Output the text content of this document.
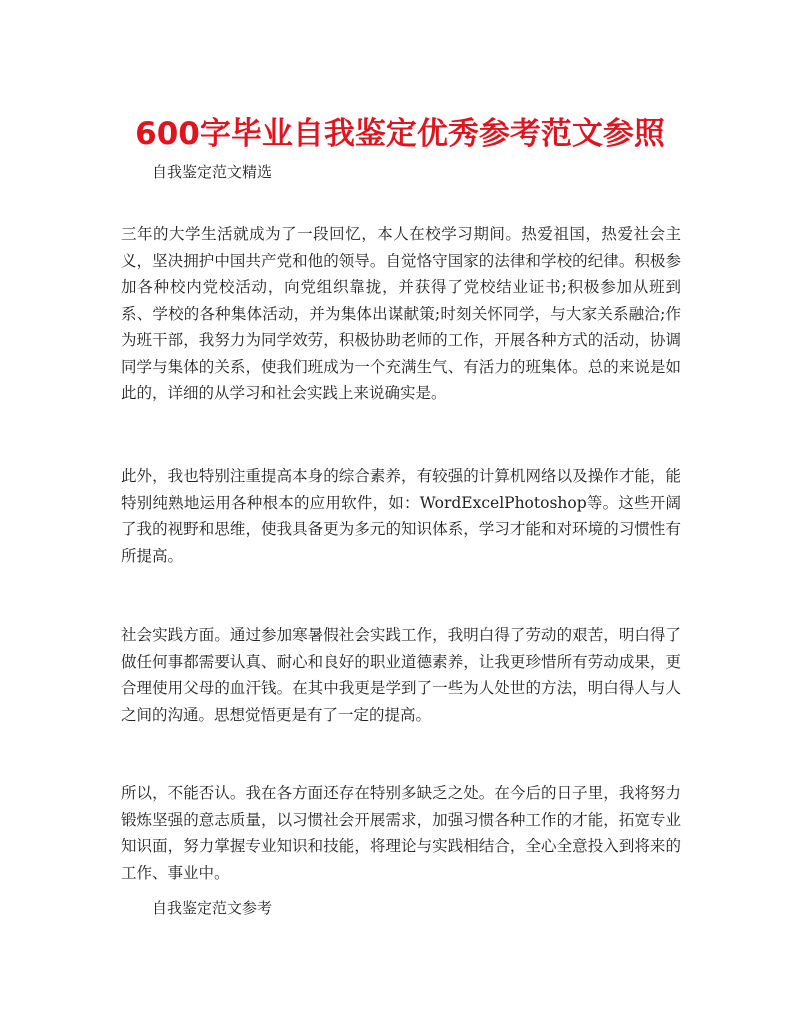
600字毕业自我鉴定优秀参考范文参照

自我鉴定范文精选

三年的大学生活就成为了一段回忆，本人在校学习期间。热爱祖国，热爱社会主义，坚决拥护中国共产党和他的领导。自觉恪守国家的法律和学校的纪律。积极参加各种校内党校活动，向党组织靠拢，并获得了党校结业证书;积极参加从班到系、学校的各种集体活动，并为集体出谋献策;时刻关怀同学，与大家关系融洽;作为班干部，我努力为同学效劳，积极协助老师的工作，开展各种方式的活动，协调同学与集体的关系，使我们班成为一个充满生气、有活力的班集体。总的来说是如此的，详细的从学习和社会实践上来说确实是。

此外，我也特别注重提高本身的综合素养，有较强的计算机网络以及操作才能，能特别纯熟地运用各种根本的应用软件，如：WordExcelPhotoshop等。这些开阔了我的视野和思维，使我具备更为多元的知识体系，学习才能和对环境的习惯性有所提高。

社会实践方面。通过参加寒暑假社会实践工作，我明白得了劳动的艰苦，明白得了做任何事都需要认真、耐心和良好的职业道德素养，让我更珍惜所有劳动成果，更合理使用父母的血汗钱。在其中我更是学到了一些为人处世的方法，明白得人与人之间的沟通。思想觉悟更是有了一定的提高。

所以，不能否认。我在各方面还存在特别多缺乏之处。在今后的日子里，我将努力锻炼坚强的意志质量，以习惯社会开展需求，加强习惯各种工作的才能，拓宽专业知识面，努力掌握专业知识和技能，将理论与实践相结合，全心全意投入到将来的工作、事业中。

自我鉴定范文参考
